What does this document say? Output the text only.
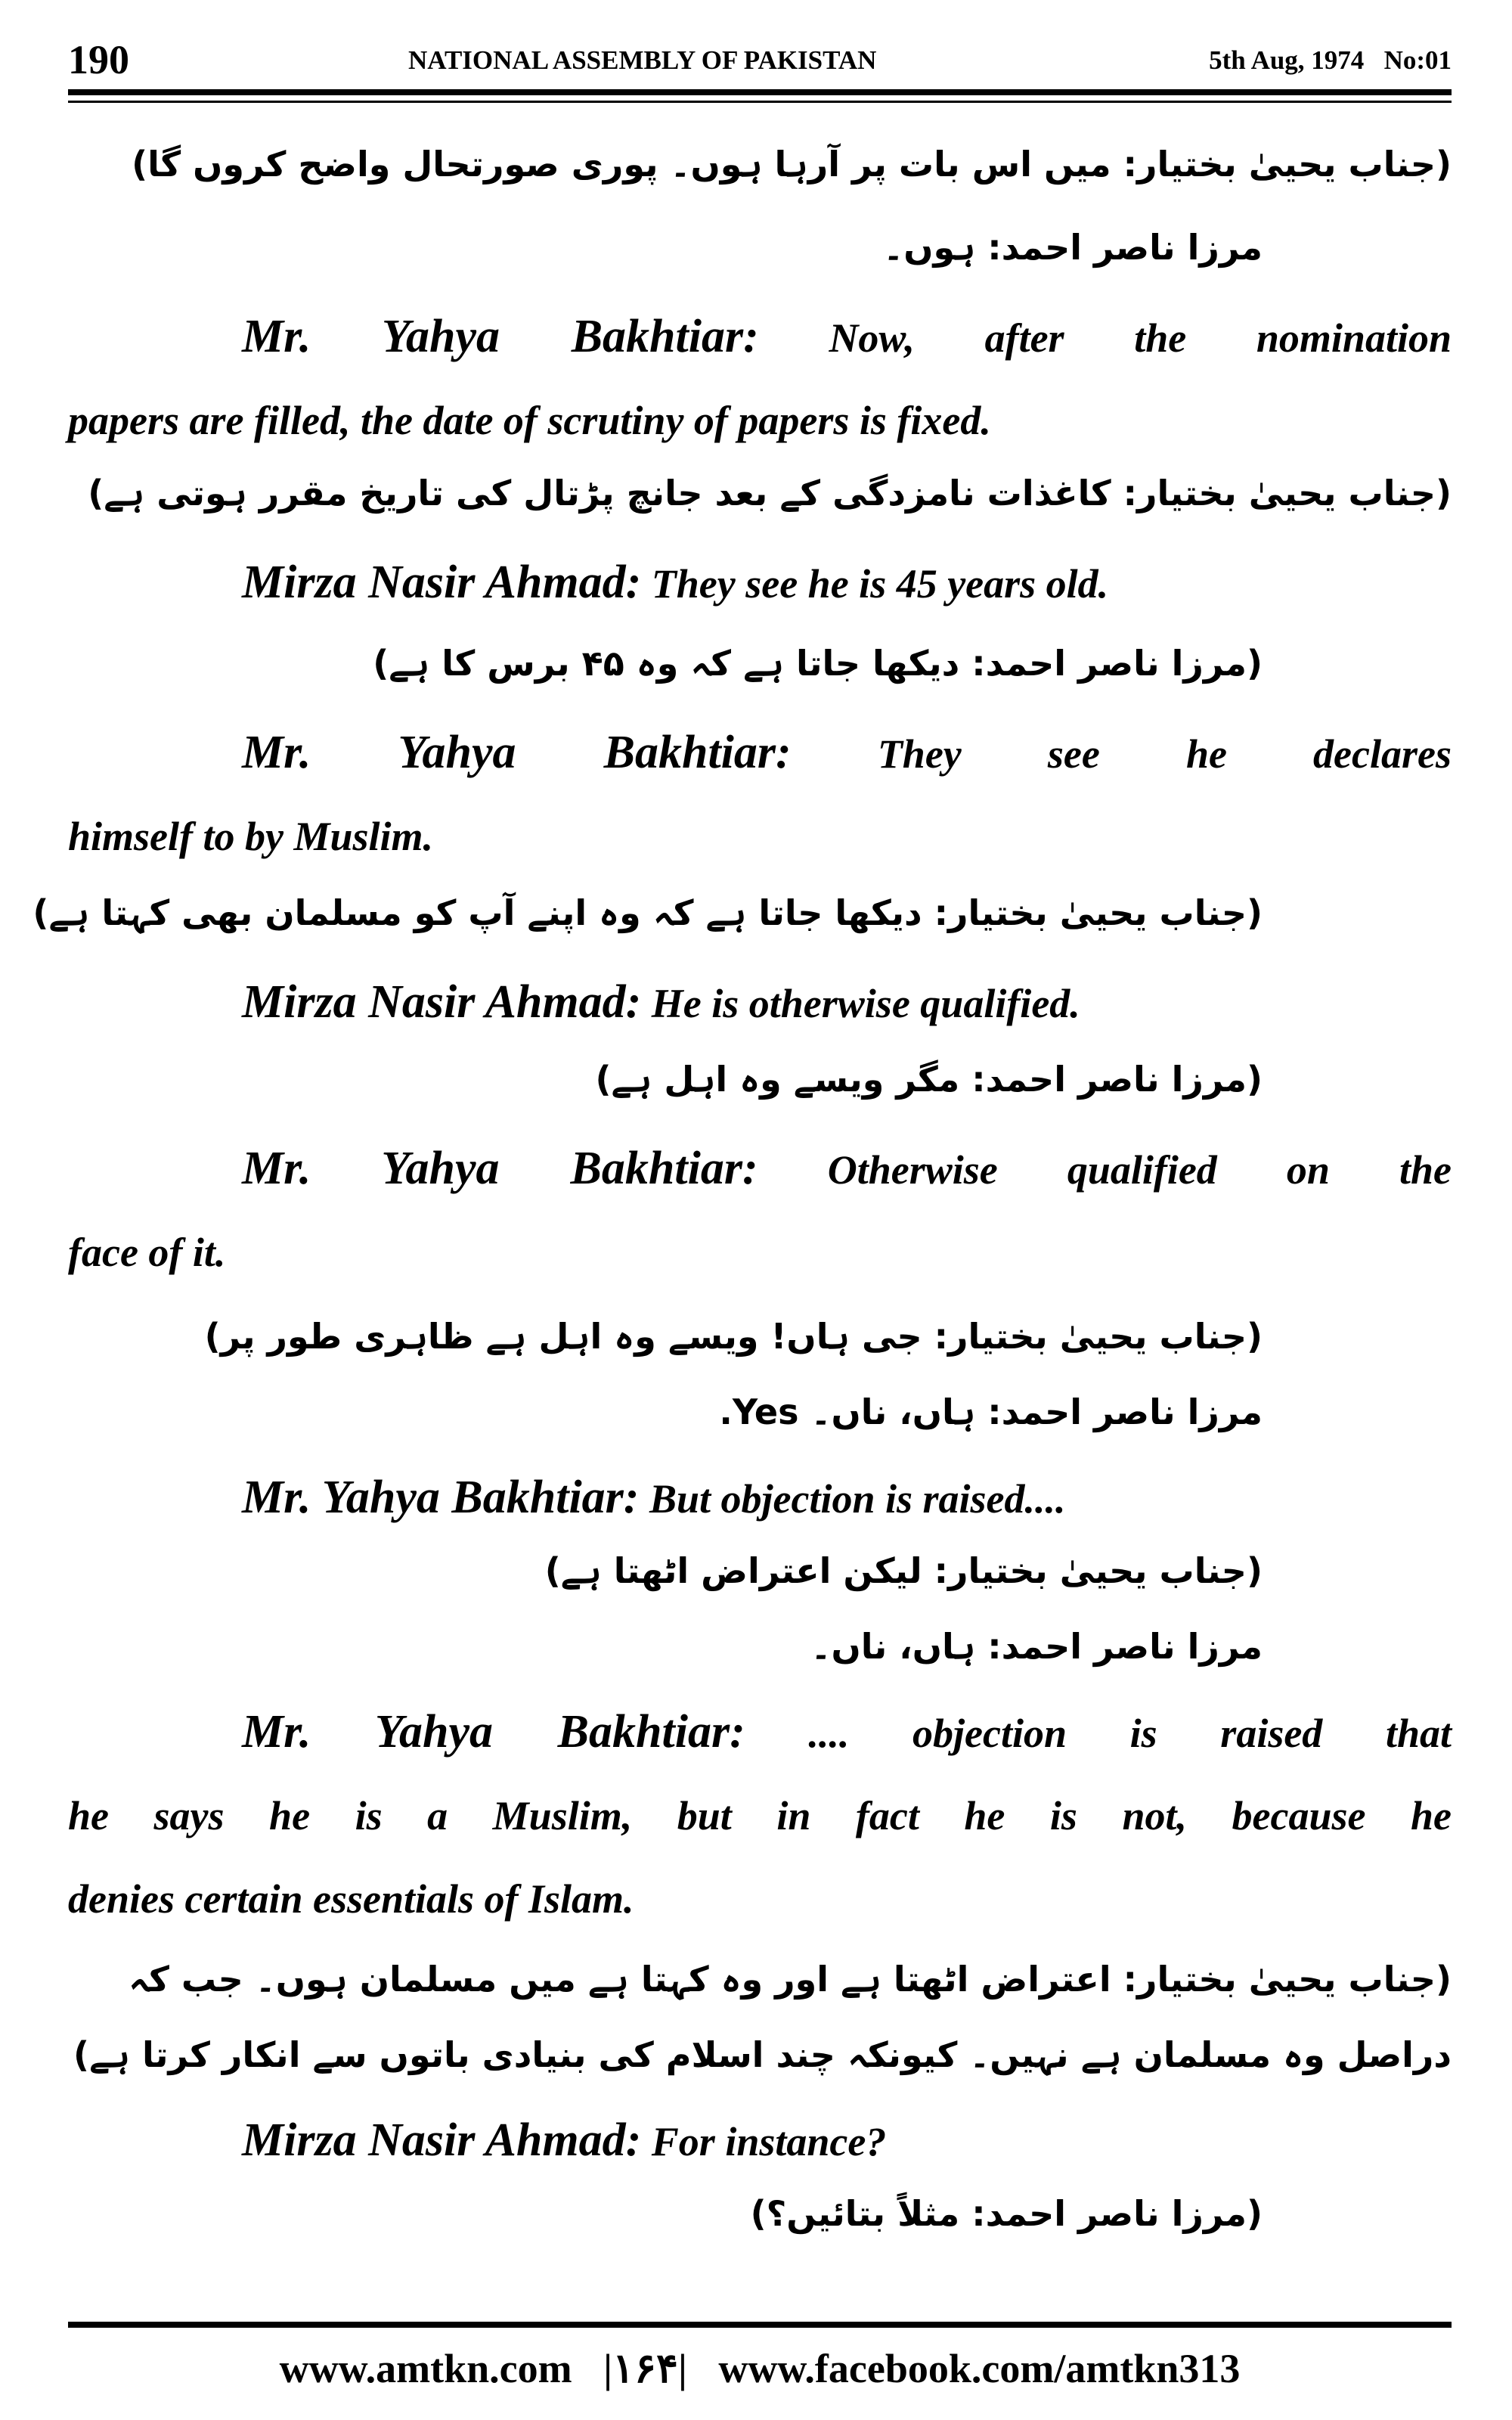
190	NATIONAL ASSEMBLY OF PAKISTAN	5th Aug, 1974 No:01
(جناب یحییٰ بختیار: میں اس بات پر آرہا ہوں۔ پوری صورتحال واضح کروں گا)
مرزا ناصر احمد: ہوں۔
Mr. Yahya Bakhtiar: Now, after the nomination
papers are filled, the date of scrutiny of papers is fixed.
(جناب یحییٰ بختیار: کاغذات نامزدگی کے بعد جانچ پڑتال کی تاریخ مقرر ہوتی ہے)
Mirza Nasir Ahmad: They see he is 45 years old.
(مرزا ناصر احمد: دیکھا جاتا ہے کہ وہ ۴۵ برس کا ہے)
Mr. Yahya Bakhtiar: They see he declares
himself to by Muslim.
(جناب یحییٰ بختیار: دیکھا جاتا ہے کہ وہ اپنے آپ کو مسلمان بھی کہتا ہے)
Mirza Nasir Ahmad: He is otherwise qualified.
(مرزا ناصر احمد: مگر ویسے وہ اہل ہے)
Mr. Yahya Bakhtiar: Otherwise qualified on the
face of it.
(جناب یحییٰ بختیار: جی ہاں! ویسے وہ اہل ہے ظاہری طور پر)
مرزا ناصر احمد: ہاں، ناں۔ Yes.
Mr. Yahya Bakhtiar: But objection is raised....
(جناب یحییٰ بختیار: لیکن اعتراض اٹھتا ہے)
مرزا ناصر احمد: ہاں، ناں۔
Mr. Yahya Bakhtiar: .... objection is raised that
he says he is a Muslim, but in fact he is not, because he
denies certain essentials of Islam.
(جناب یحییٰ بختیار: اعتراض اٹھتا ہے اور وہ کہتا ہے میں مسلمان ہوں۔ جب کہ
دراصل وہ مسلمان ہے نہیں۔ کیونکہ چند اسلام کی بنیادی باتوں سے انکار کرتا ہے)
Mirza Nasir Ahmad: For instance?
(مرزا ناصر احمد: مثلاً بتائیں؟)
www.amtkn.com |۱۶۴| www.facebook.com/amtkn313
